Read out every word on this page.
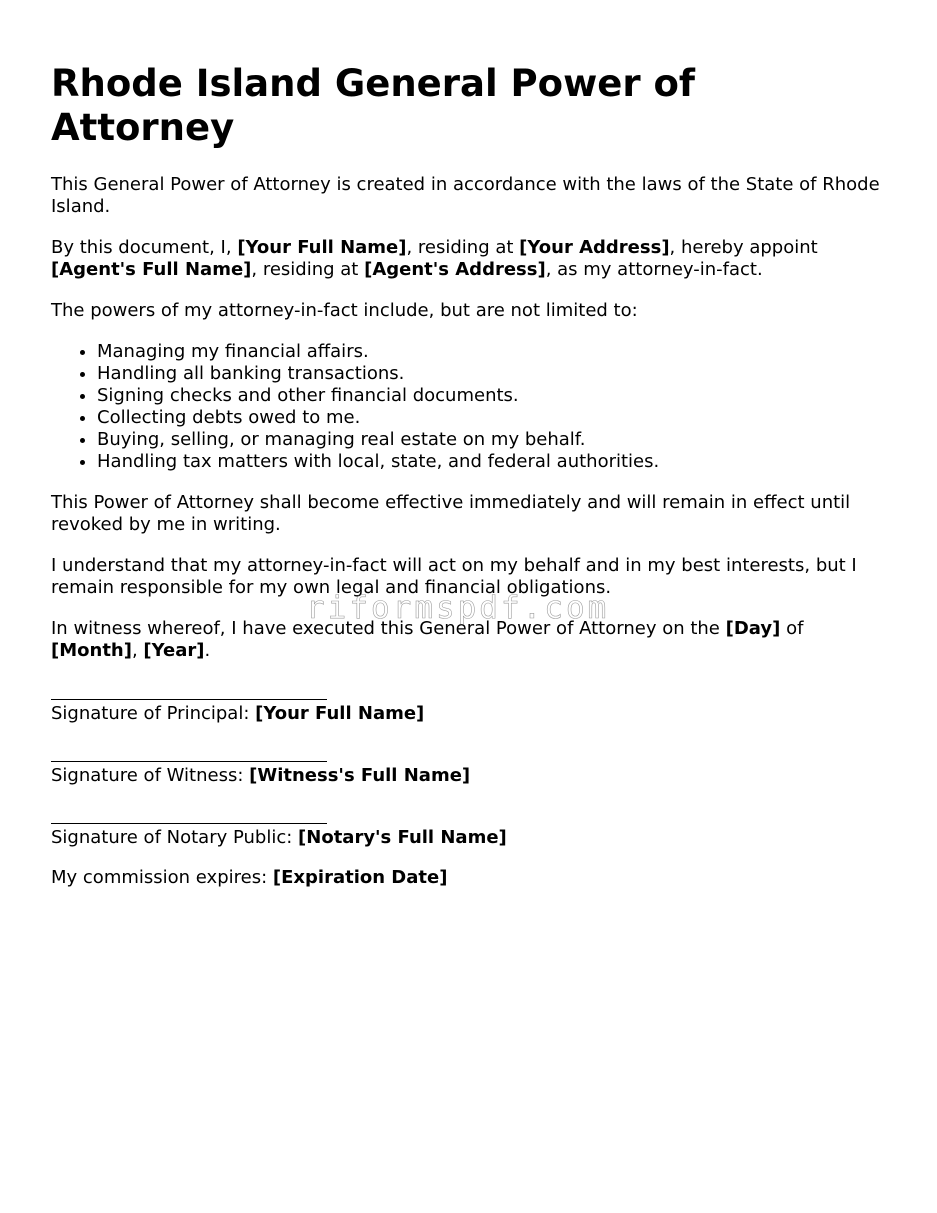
Rhode Island General Power of Attorney

This General Power of Attorney is created in accordance with the laws of the State of Rhode Island.

By this document, I, [Your Full Name], residing at [Your Address], hereby appoint [Agent's Full Name], residing at [Agent's Address], as my attorney-in-fact.

The powers of my attorney-in-fact include, but are not limited to:

• Managing my financial affairs.
• Handling all banking transactions.
• Signing checks and other financial documents.
• Collecting debts owed to me.
• Buying, selling, or managing real estate on my behalf.
• Handling tax matters with local, state, and federal authorities.

This Power of Attorney shall become effective immediately and will remain in effect until revoked by me in writing.

I understand that my attorney-in-fact will act on my behalf and in my best interests, but I remain responsible for my own legal and financial obligations.

In witness whereof, I have executed this General Power of Attorney on the [Day] of [Month], [Year].

Signature of Principal: [Your Full Name]

Signature of Witness: [Witness's Full Name]

Signature of Notary Public: [Notary's Full Name]

My commission expires: [Expiration Date]

riformspdf.com
